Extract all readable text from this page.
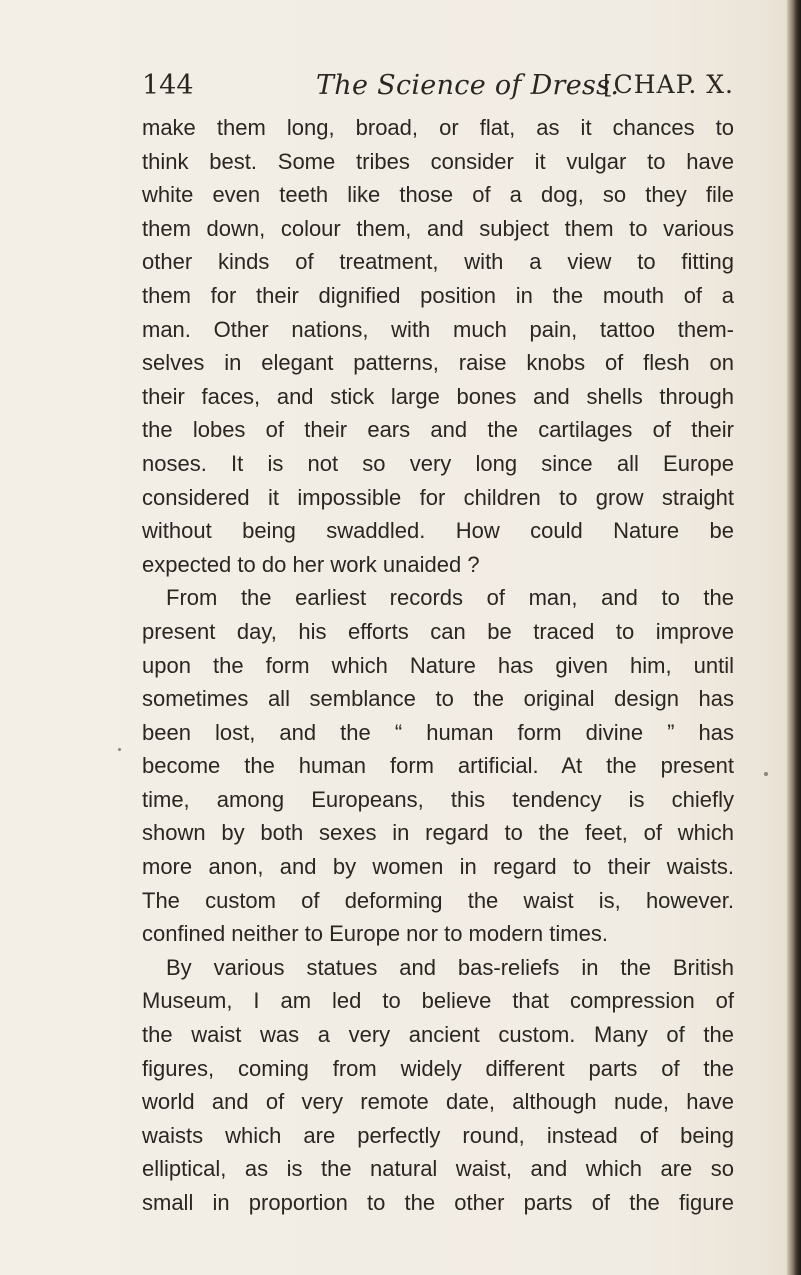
144	The Science of Dress.
[CHAP. X.
make them long, broad, or flat, as it chances to
think best. Some tribes consider it vulgar to have
white even teeth like those of a dog, so they file
them down, colour them, and subject them to various
other kinds of treatment, with a view to fitting
them for their dignified position in the mouth of a
man. Other nations, with much pain, tattoo them-
selves in elegant patterns, raise knobs of flesh on
their faces, and stick large bones and shells through
the lobes of their ears and the cartilages of their
noses. It is not so very long since all Europe
considered it impossible for children to grow straight
without being swaddled. How could Nature be
expected to do her work unaided ?
From the earliest records of man, and to the
present day, his efforts can be traced to improve
upon the form which Nature has given him, until
sometimes all semblance to the original design has
been lost, and the “ human form divine ” has
become the human form artificial. At the present
time, among Europeans, this tendency is chiefly
shown by both sexes in regard to the feet, of which
more anon, and by women in regard to their waists.
The custom of deforming the waist is, however.
confined neither to Europe nor to modern times.
By various statues and bas-reliefs in the British
Museum, I am led to believe that compression of
the waist was a very ancient custom. Many of the
figures, coming from widely different parts of the
world and of very remote date, although nude, have
waists which are perfectly round, instead of being
elliptical, as is the natural waist, and which are so
small in proportion to the other parts of the figure
